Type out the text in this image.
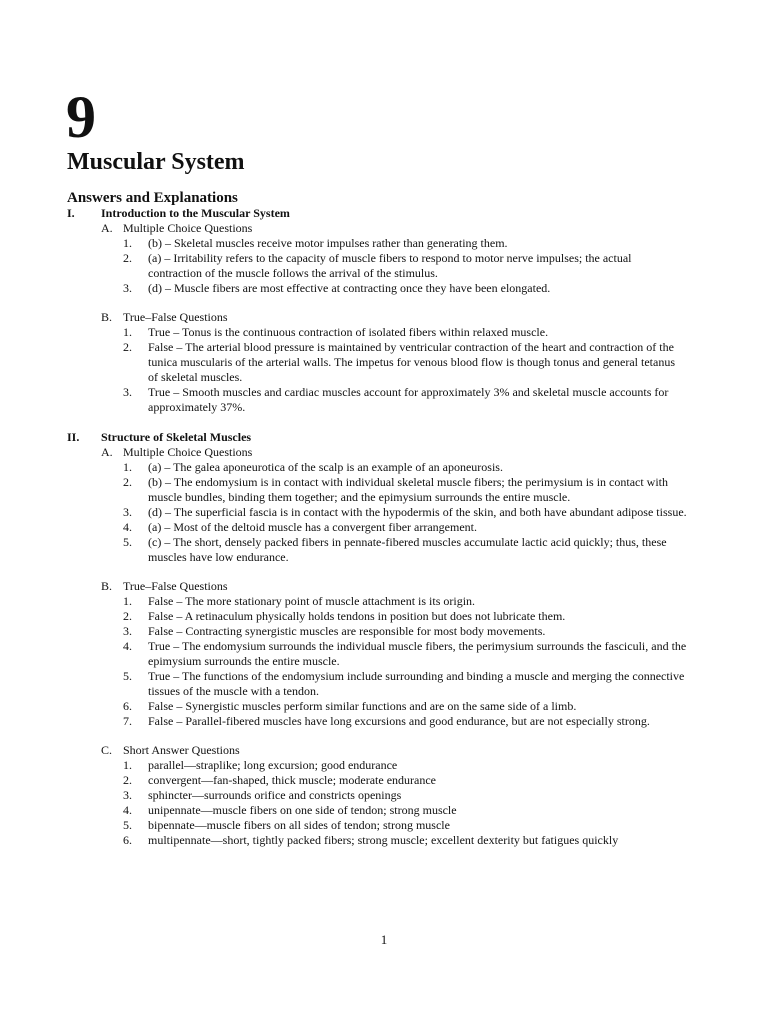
9
Muscular System
Answers and Explanations
I.	Introduction to the Muscular System
A. Multiple Choice Questions
1.	(b) – Skeletal muscles receive motor impulses rather than generating them.
2.	(a) – Irritability refers to the capacity of muscle fibers to respond to motor nerve impulses; the actual contraction of the muscle follows the arrival of the stimulus.
3.	(d) – Muscle fibers are most effective at contracting once they have been elongated.
B. True–False Questions
1.	True – Tonus is the continuous contraction of isolated fibers within relaxed muscle.
2.	False – The arterial blood pressure is maintained by ventricular contraction of the heart and contraction of the tunica muscularis of the arterial walls. The impetus for venous blood flow is though tonus and general tetanus of skeletal muscles.
3.	True – Smooth muscles and cardiac muscles account for approximately 3% and skeletal muscle accounts for approximately 37%.
II.	Structure of Skeletal Muscles
A. Multiple Choice Questions
1.	(a) – The galea aponeurotica of the scalp is an example of an aponeurosis.
2.	(b) – The endomysium is in contact with individual skeletal muscle fibers; the perimysium is in contact with muscle bundles, binding them together; and the epimysium surrounds the entire muscle.
3.	(d) – The superficial fascia is in contact with the hypodermis of the skin, and both have abundant adipose tissue.
4.	(a) – Most of the deltoid muscle has a convergent fiber arrangement.
5.	(c) – The short, densely packed fibers in pennate-fibered muscles accumulate lactic acid quickly; thus, these muscles have low endurance.
B. True–False Questions
1.	False – The more stationary point of muscle attachment is its origin.
2.	False – A retinaculum physically holds tendons in position but does not lubricate them.
3.	False – Contracting synergistic muscles are responsible for most body movements.
4.	True – The endomysium surrounds the individual muscle fibers, the perimysium surrounds the fasciculi, and the epimysium surrounds the entire muscle.
5.	True – The functions of the endomysium include surrounding and binding a muscle and merging the connective tissues of the muscle with a tendon.
6.	False – Synergistic muscles perform similar functions and are on the same side of a limb.
7.	False – Parallel-fibered muscles have long excursions and good endurance, but are not especially strong.
C. Short Answer Questions
1.	parallel—straplike; long excursion; good endurance
2.	convergent—fan-shaped, thick muscle; moderate endurance
3.	sphincter—surrounds orifice and constricts openings
4.	unipennate—muscle fibers on one side of tendon; strong muscle
5.	bipennate—muscle fibers on all sides of tendon; strong muscle
6.	multipennate—short, tightly packed fibers; strong muscle; excellent dexterity but fatigues quickly
1
